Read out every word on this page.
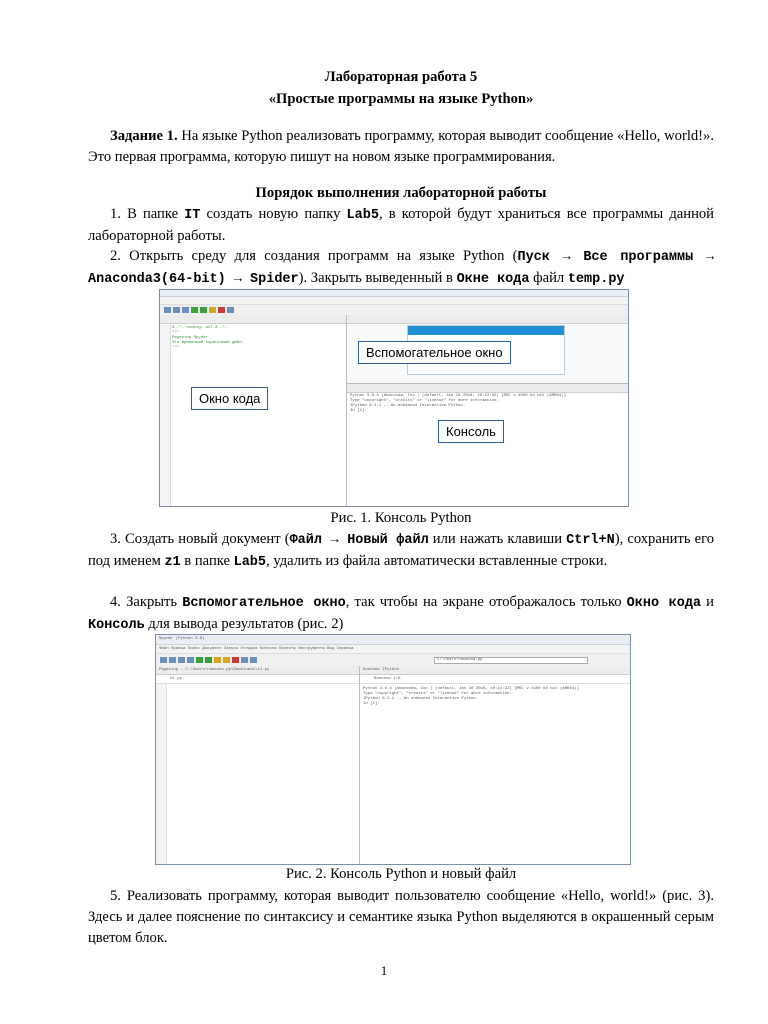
Лабораторная работа 5
«Простые программы на языке Python»
Задание 1. На языке Python реализовать программу, которая выводит сообщение «Hello, world!». Это первая программа, которую пишут на новом языке программирования.
Порядок выполнения лабораторной работы
1. В папке IT создать новую папку Lab5, в которой будут храниться все программы данной лабораторной работы.
2. Открыть среду для создания программ на языке Python (Пуск → Все программы → Anaconda3(64-bit) → Spider). Закрыть выведенный в Окне кода файл temp.py
# -*- coding: utf-8 -*-
"""
Редактор Spyder
Это временный скриптовый файл.
"""
Python 3.6.4 |Anaconda, Inc.| (default, Jan 16 2018, 10:22:32) [MSC v.1900 64 bit (AMD64)]
Type "copyright", "credits" or "license" for more information.
IPython 6.2.1 -- An enhanced Interactive Python.
In [1]:
Окно кода
Вспомогательное окно
Консоль
Рис. 1. Консоль Python
3. Создать новый документ (Файл → Новый файл или нажать клавиши Ctrl+N), сохранить его под именем z1 в папке Lab5, удалить из файла автоматически вставленные строки.
4. Закрыть Вспомогательное окно, так чтобы на экране отображалось только Окно кода и Консоль для вывода результатов (рис. 2)
Spyder (Python 3.6)
Файл Правка Поиск Документ Запуск Отладка Консоли Проекты Инструменты Вид Справка
C:\Users\rawsona.pp
Редактор - C:\Users\rawsona.pp\Downloads\z1.py
z1.py
Консоль IPython
Консоль 1/A
Python 3.6.4 |Anaconda, Inc.| (default, Jan 16 2018, 10:22:32) [MSC v.1900 64 bit (AMD64)]
Type "copyright", "credits" or "license" for more information.
IPython 6.2.1 -- An enhanced Interactive Python.
In [1]:
Рис. 2. Консоль Python и новый файл
5. Реализовать программу, которая выводит пользователю сообщение «Hello, world!» (рис. 3). Здесь и далее пояснение по синтаксису и семантике языка Python выделяются в окрашенный серым цветом блок.
1
